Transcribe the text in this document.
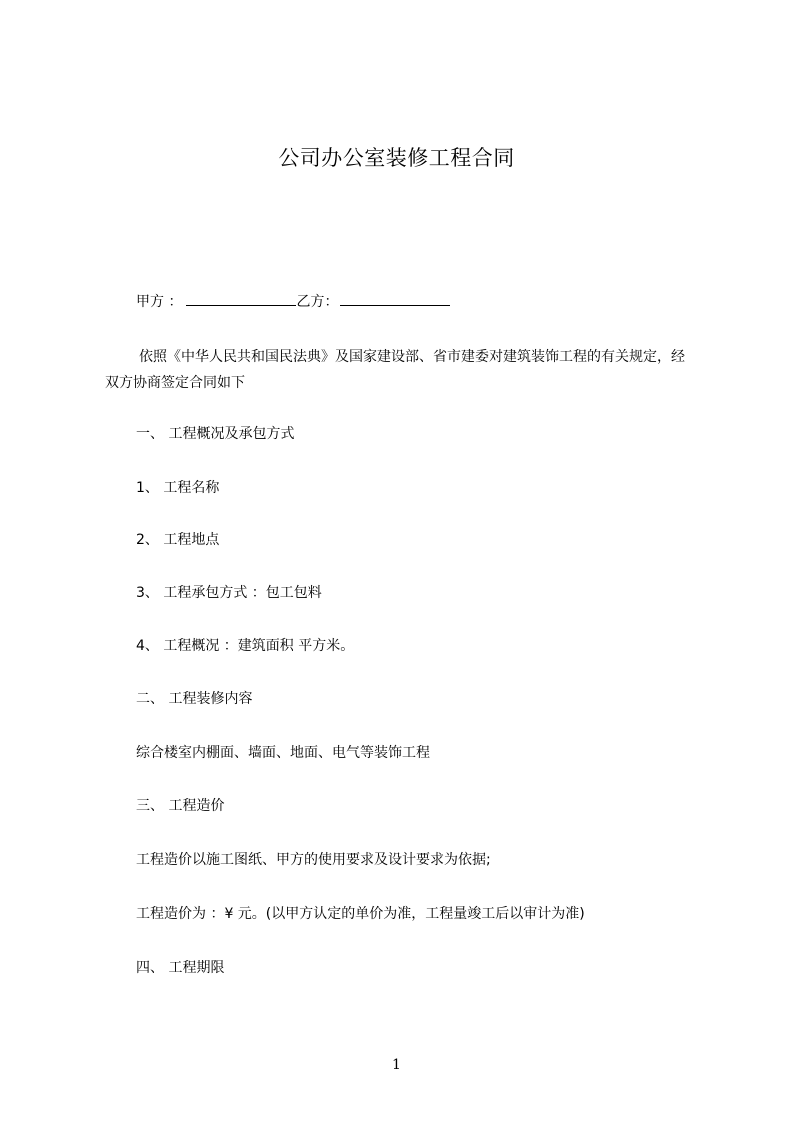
公司办公室装修工程合同
甲方 ：	乙方：
依照《中华人民共和国民法典》及国家建设部、省市建委对建筑装饰工程的有关规定，经双方协商签定合同如下
一、 工程概况及承包方式
1、 工程名称
2、 工程地点
3、 工程承包方式 ：包工包料
4、 工程概况 ：建筑面积 平方米。
二、 工程装修内容
综合楼室内棚面、墙面、地面、电气等装饰工程
三、 工程造价
工程造价以施工图纸、甲方的使用要求及设计要求为依据;
工程造价为 ：¥ 元。(以甲方认定的单价为准，工程量竣工后以审计为准)
四、 工程期限
1
